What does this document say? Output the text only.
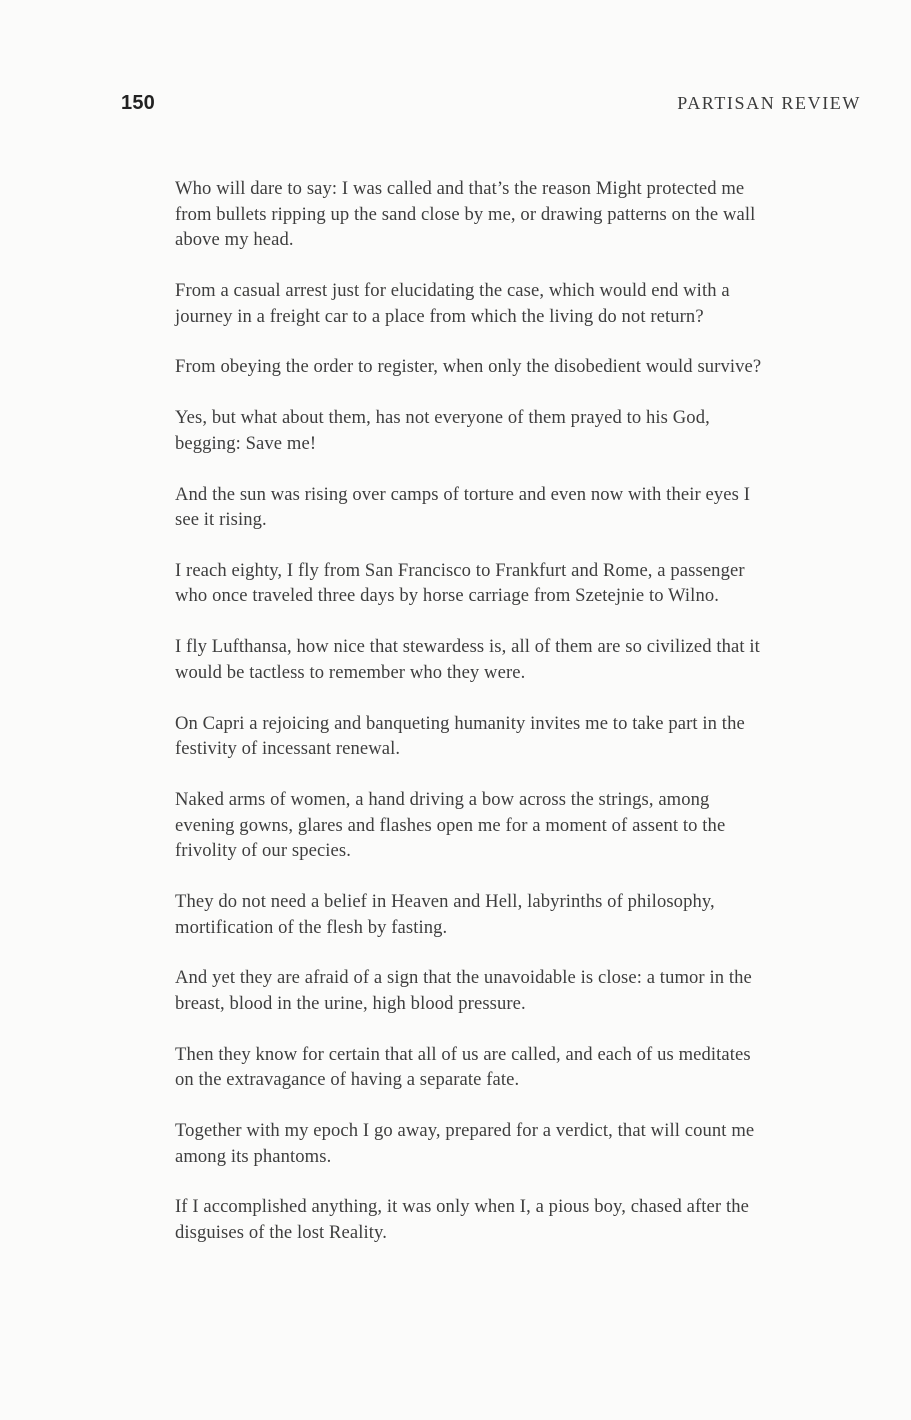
150	PARTISAN REVIEW

Who will dare to say: I was called and that’s the reason Might protected me from bullets ripping up the sand close by me, or drawing patterns on the wall above my head.

From a casual arrest just for elucidating the case, which would end with a journey in a freight car to a place from which the living do not return?

From obeying the order to register, when only the disobedient would survive?

Yes, but what about them, has not everyone of them prayed to his God, begging: Save me!

And the sun was rising over camps of torture and even now with their eyes I see it rising.

I reach eighty, I fly from San Francisco to Frankfurt and Rome, a passenger who once traveled three days by horse carriage from Szetejnie to Wilno.

I fly Lufthansa, how nice that stewardess is, all of them are so civilized that it would be tactless to remember who they were.

On Capri a rejoicing and banqueting humanity invites me to take part in the festivity of incessant renewal.

Naked arms of women, a hand driving a bow across the strings, among evening gowns, glares and flashes open me for a moment of assent to the frivolity of our species.

They do not need a belief in Heaven and Hell, labyrinths of philosophy, mortification of the flesh by fasting.

And yet they are afraid of a sign that the unavoidable is close: a tumor in the breast, blood in the urine, high blood pressure.

Then they know for certain that all of us are called, and each of us meditates on the extravagance of having a separate fate.

Together with my epoch I go away, prepared for a verdict, that will count me among its phantoms.

If I accomplished anything, it was only when I, a pious boy, chased after the disguises of the lost Reality.
